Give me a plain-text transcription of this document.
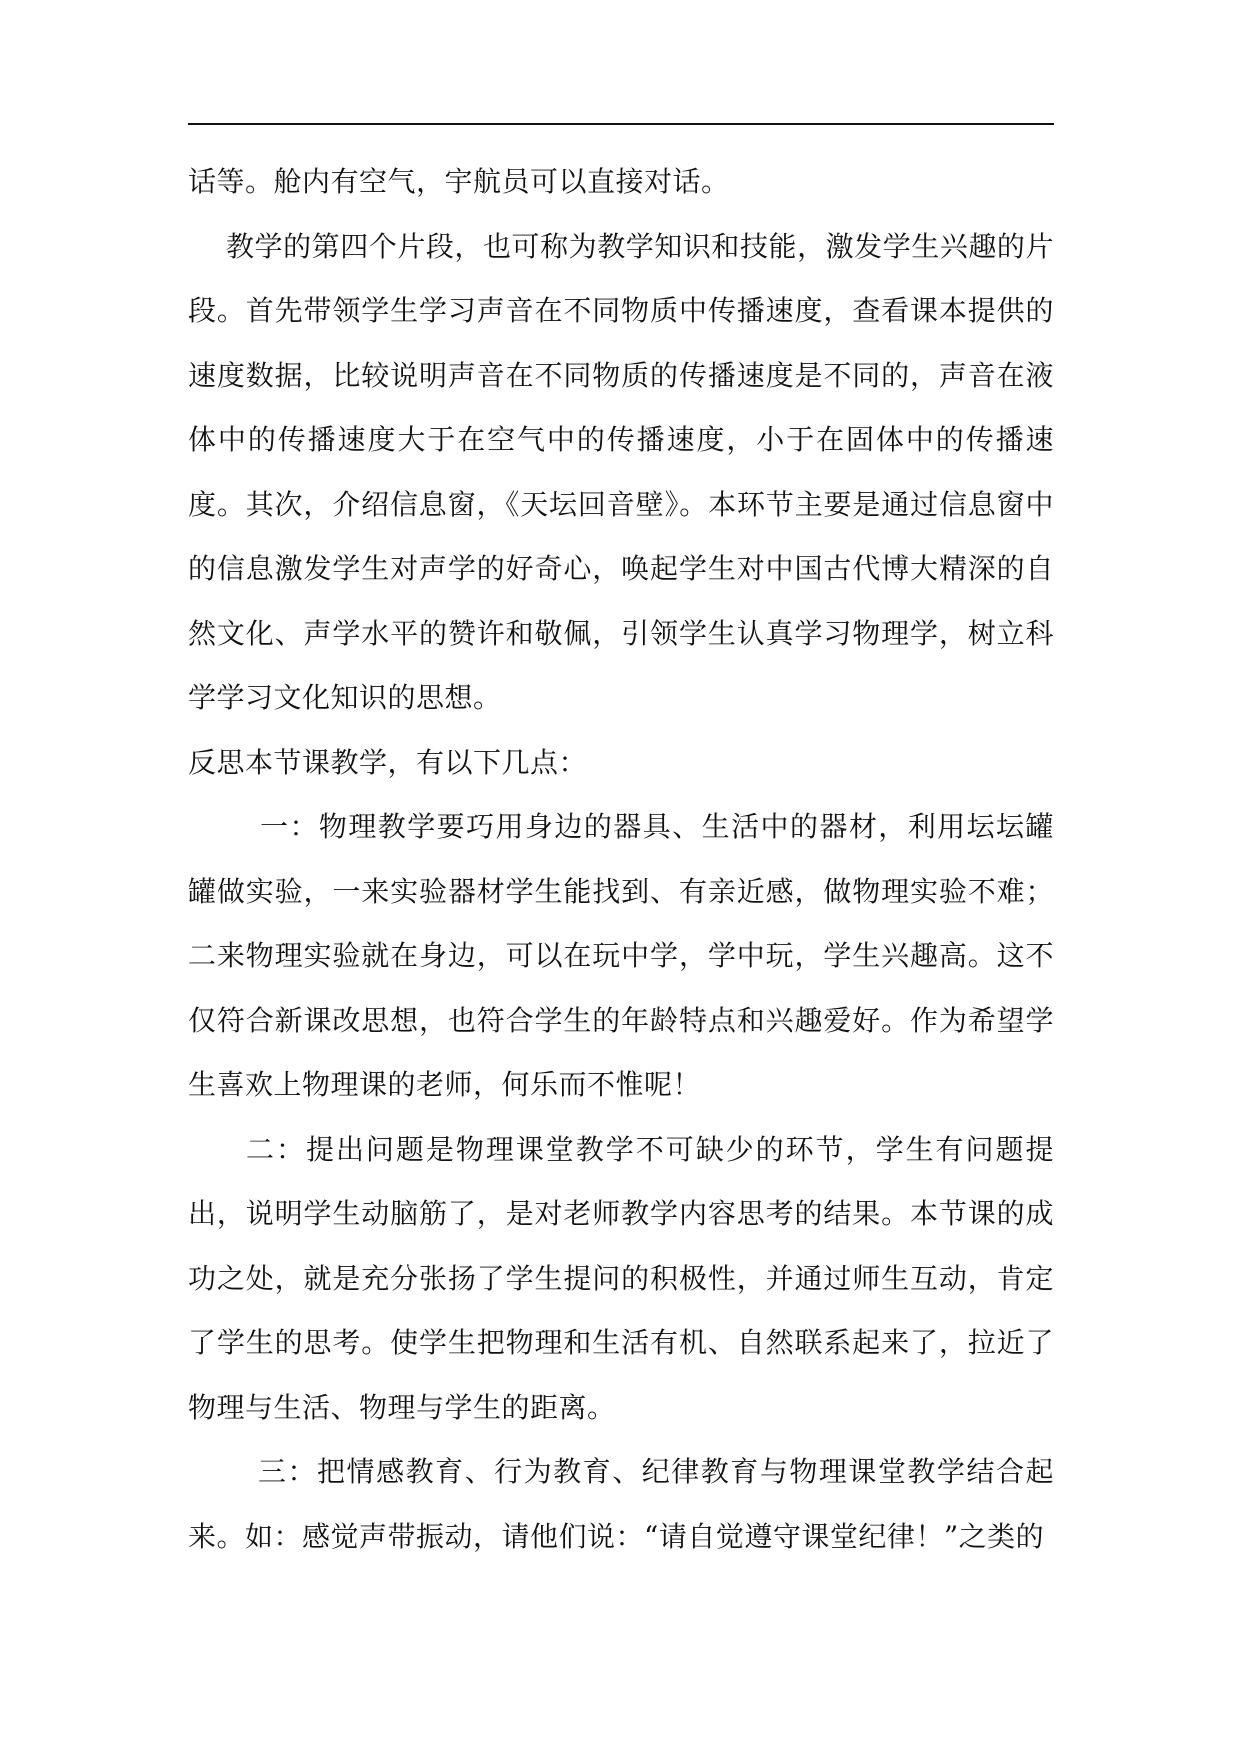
话等。舱内有空气，宇航员可以直接对话。

教学的第四个片段，也可称为教学知识和技能，激发学生兴趣的片段。首先带领学生学习声音在不同物质中传播速度，查看课本提供的速度数据，比较说明声音在不同物质的传播速度是不同的，声音在液体中的传播速度大于在空气中的传播速度，小于在固体中的传播速度。其次，介绍信息窗，《天坛回音壁》。本环节主要是通过信息窗中的信息激发学生对声学的好奇心，唤起学生对中国古代博大精深的自然文化、声学水平的赞许和敬佩，引领学生认真学习物理学，树立科学学习文化知识的思想。

反思本节课教学，有以下几点：

一：物理教学要巧用身边的器具、生活中的器材，利用坛坛罐罐做实验，一来实验器材学生能找到、有亲近感，做物理实验不难；二来物理实验就在身边，可以在玩中学，学中玩，学生兴趣高。这不仅符合新课改思想，也符合学生的年龄特点和兴趣爱好。作为希望学生喜欢上物理课的老师，何乐而不惟呢！

二：提出问题是物理课堂教学不可缺少的环节，学生有问题提出，说明学生动脑筋了，是对老师教学内容思考的结果。本节课的成功之处，就是充分张扬了学生提问的积极性，并通过师生互动，肯定了学生的思考。使学生把物理和生活有机、自然联系起来了，拉近了物理与生活、物理与学生的距离。

三：把情感教育、行为教育、纪律教育与物理课堂教学结合起来。如：感觉声带振动，请他们说：“请自觉遵守课堂纪律！”之类的
